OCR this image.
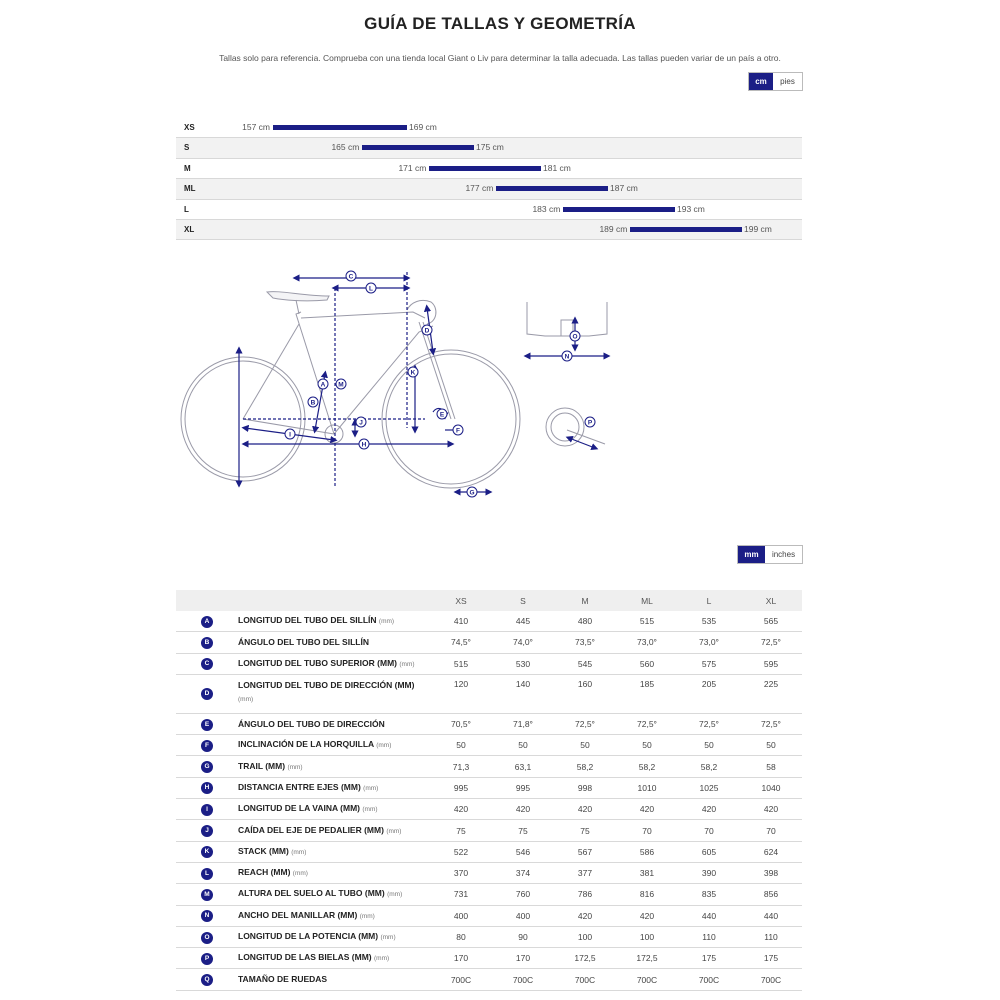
GUÍA DE TALLAS Y GEOMETRÍA
Tallas solo para referencia. Comprueba con una tienda local Giant o Liv para determinar la talla adecuada. Las tallas pueden variar de un país a otro.
cm	pies
XS	157 cm	169 cm
S	165 cm	175 cm
M	171 cm	181 cm
ML	177 cm	187 cm
L	183 cm	193 cm
XL	189 cm	199 cm
A
B
C
D
E
F
G
H
I
J
K
L
M
N
O
P
mm	inches
		XS	S	M	ML	L	XL
A	LONGITUD DEL TUBO DEL SILLÍN (mm)	410	445	480	515	535	565
B	ÁNGULO DEL TUBO DEL SILLÍN	74,5°	74,0°	73,5°	73,0°	73,0°	72,5°
C	LONGITUD DEL TUBO SUPERIOR (MM) (mm)	515	530	545	560	575	595
D	LONGITUD DEL TUBO DE DIRECCIÓN (MM) (mm)	120	140	160	185	205	225
E	ÁNGULO DEL TUBO DE DIRECCIÓN	70,5°	71,8°	72,5°	72,5°	72,5°	72,5°
F	INCLINACIÓN DE LA HORQUILLA (mm)	50	50	50	50	50	50
G	TRAIL (MM) (mm)	71,3	63,1	58,2	58,2	58,2	58
H	DISTANCIA ENTRE EJES (MM) (mm)	995	995	998	1010	1025	1040
I	LONGITUD DE LA VAINA (MM) (mm)	420	420	420	420	420	420
J	CAÍDA DEL EJE DE PEDALIER (MM) (mm)	75	75	75	70	70	70
K	STACK (MM) (mm)	522	546	567	586	605	624
L	REACH (MM) (mm)	370	374	377	381	390	398
M	ALTURA DEL SUELO AL TUBO (MM) (mm)	731	760	786	816	835	856
N	ANCHO DEL MANILLAR (MM) (mm)	400	400	420	420	440	440
O	LONGITUD DE LA POTENCIA (MM) (mm)	80	90	100	100	110	110
P	LONGITUD DE LAS BIELAS (MM) (mm)	170	170	172,5	172,5	175	175
Q	TAMAÑO DE RUEDAS	700C	700C	700C	700C	700C	700C
